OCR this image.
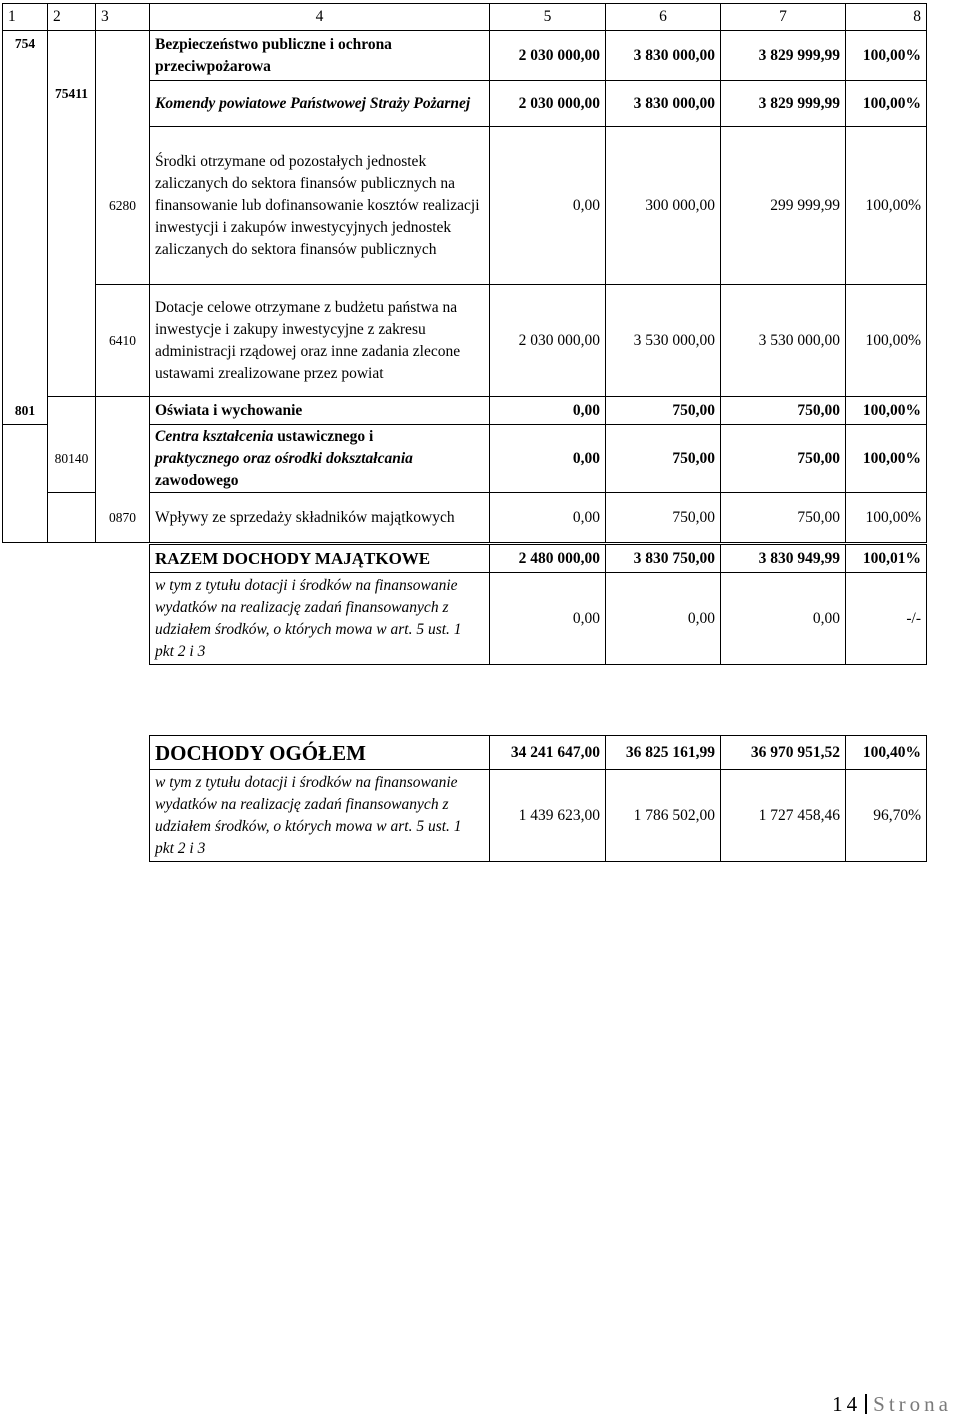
1	2	3	4	5	6	7	8
754			Bezpieczeństwo publiczne i ochrona przeciwpożarowa	2 030 000,00	3 830 000,00	3 829 999,99	100,00%
	75411		Komendy powiatowe Państwowej Straży Pożarnej	2 030 000,00	3 830 000,00	3 829 999,99	100,00%
		6280	Środki otrzymane od pozostałych jednostek zaliczanych do sektora finansów publicznych na finansowanie lub dofinansowanie kosztów realizacji inwestycji i zakupów inwestycyjnych jednostek zaliczanych do sektora finansów publicznych	0,00	300 000,00	299 999,99	100,00%
		6410	Dotacje celowe otrzymane z budżetu państwa na inwestycje i zakupy inwestycyjne z zakresu administracji rządowej oraz inne zadania zlecone ustawami zrealizowane przez powiat	2 030 000,00	3 530 000,00	3 530 000,00	100,00%
801			Oświata i wychowanie	0,00	750,00	750,00	100,00%
	80140		Centra kształcenia ustawicznego i
praktycznego oraz ośrodki dokształcania
zawodowego	0,00	750,00	750,00	100,00%
		0870	Wpływy ze sprzedaży składników majątkowych	0,00	750,00	750,00	100,00%
RAZEM DOCHODY MAJĄTKOWE	2 480 000,00	3 830 750,00	3 830 949,99	100,01%
w tym z tytułu dotacji i środków na finansowanie wydatków na realizację zadań finansowanych z udziałem środków, o których mowa w art. 5 ust. 1 pkt 2 i 3	0,00	0,00	0,00	-/-
DOCHODY OGÓŁEM	34 241 647,00	36 825 161,99	36 970 951,52	100,40%
w tym z tytułu dotacji i środków na finansowanie wydatków na realizację zadań finansowanych z udziałem środków, o których mowa w art. 5 ust. 1 pkt 2 i 3	1 439 623,00	1 786 502,00	1 727 458,46	96,70%
14 Strona
